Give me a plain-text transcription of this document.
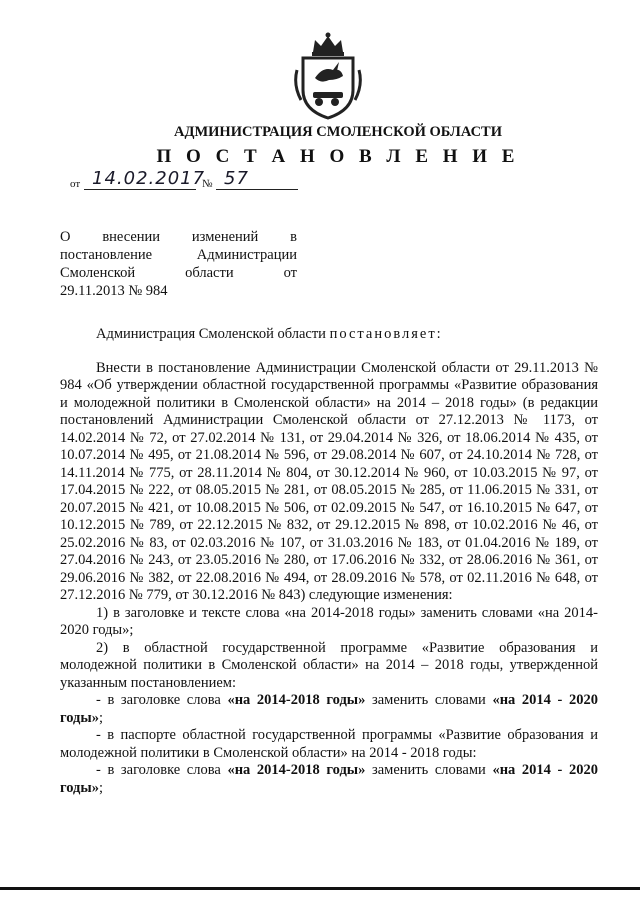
АДМИНИСТРАЦИЯ СМОЛЕНСКОЙ ОБЛАСТИ
П О С Т А Н О В Л Е Н И Е
от 14.02.2017
№ 57
О внесении изменений в
постановление Администрации
Смоленской области от
29.11.2013 № 984

Администрация Смоленской области постановляет:

Внести в постановление Администрации Смоленской области от 29.11.2013 № 984 «Об утверждении областной государственной программы «Развитие образования и молодежной политики в Смоленской области» на 2014 – 2018 годы» (в редакции постановлений Администрации Смоленской области от 27.12.2013 № 1173, от 14.02.2014 № 72, от 27.02.2014 № 131, от 29.04.2014 № 326, от 18.06.2014 № 435, от 10.07.2014 № 495, от 21.08.2014 № 596, от 29.08.2014 № 607, от 24.10.2014 № 728, от 14.11.2014 № 775, от 28.11.2014 № 804, от 30.12.2014 № 960, от 10.03.2015 № 97, от 17.04.2015 № 222, от 08.05.2015 № 281, от 08.05.2015 № 285, от 11.06.2015 № 331, от 20.07.2015 № 421, от 10.08.2015 № 506, от 02.09.2015 № 547, от 16.10.2015 № 647, от 10.12.2015 № 789, от 22.12.2015 № 832, от 29.12.2015 № 898, от 10.02.2016 № 46, от 25.02.2016 № 83, от 02.03.2016 № 107, от 31.03.2016 № 183, от 01.04.2016 № 189, от 27.04.2016 № 243, от 23.05.2016 № 280, от 17.06.2016 № 332, от 28.06.2016 № 361, от 29.06.2016 № 382, от 22.08.2016 № 494, от 28.09.2016 № 578, от 02.11.2016 № 648, от 27.12.2016 № 779, от 30.12.2016 № 843) следующие изменения:

1) в заголовке и тексте слова «на 2014-2018 годы» заменить словами «на 2014-2020 годы»;

2) в областной государственной программе «Развитие образования и молодежной политики в Смоленской области» на 2014 – 2018 годы, утвержденной указанным постановлением:

- в заголовке слова «на 2014-2018 годы» заменить словами «на 2014 - 2020 годы»;

- в паспорте областной государственной программы «Развитие образования и молодежной политики в Смоленской области» на 2014 - 2018 годы:

- в заголовке слова «на 2014-2018 годы» заменить словами «на 2014 - 2020 годы»;
